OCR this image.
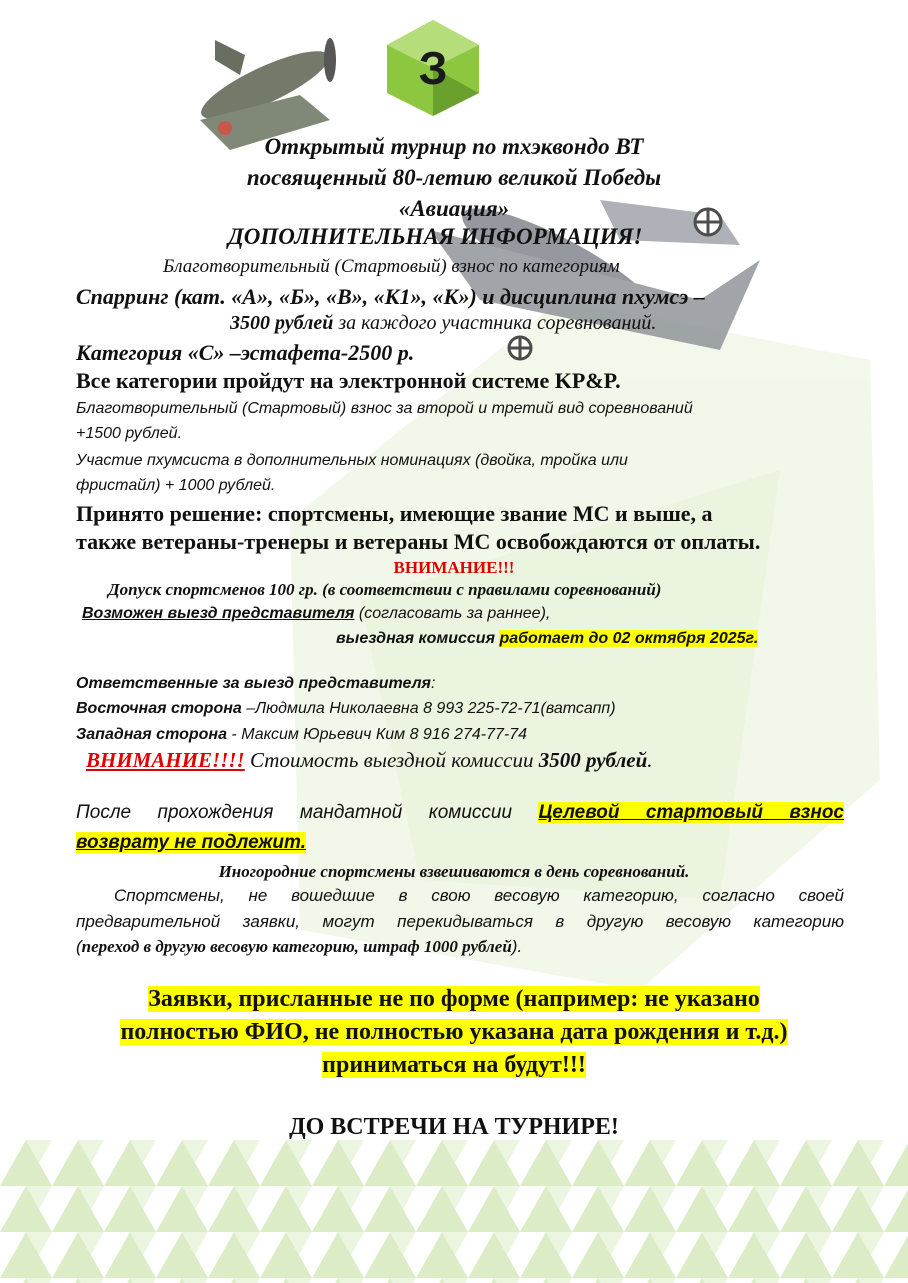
З

Открытый турнир по тхэквондо ВТ

посвященный 80-летию великой Победы

«Авиация»

ДОПОЛНИТЕЛЬНАЯ ИНФОРМАЦИЯ!

Благотворительный (Стартовый) взнос по категориям

Спарринг (кат. «А», «Б», «В», «К1», «К») и дисциплина пхумсэ –

3500 рублей за каждого участника соревнований.

Категория «С» –эстафета-2500 р.

Все категории пройдут на электронной системе KP&P.

Благотворительный (Стартовый) взнос за второй и третий вид соревнований

+1500 рублей.

Участие пхумсиста в дополнительных номинациях (двойка, тройка или

фристайл) + 1000 рублей.

Принято решение: спортсмены, имеющие звание МС и выше, а

также ветераны-тренеры и ветераны МС освобождаются от оплаты.

ВНИМАНИЕ!!!

Допуск спортсменов 100 гр. (в соответствии с правилами соревнований)

Возможен выезд представителя (согласовать за раннее),

выездная комиссия работает до 02 октября 2025г.

Ответственные за выезд представителя:

Восточная сторона –Людмила Николаевна 8 993 225-72-71(ватсапп)

Западная сторона - Максим Юрьевич Ким 8 916 274-77-74

ВНИМАНИЕ!!!! Стоимость выездной комиссии 3500 рублей.

После прохождения мандатной комиссии Целевой стартовый взнос

возврату не подлежит.

Иногородние спортсмены взвешиваются в день соревнований.

Спортсмены, не вошедшие в свою весовую категорию, согласно своей
предварительной заявки, могут перекидываться в другую весовую категорию

(переход в другую весовую категорию, штраф 1000 рублей).

Заявки, присланные не по форме (например: не указано

полностью ФИО, не полностью указана дата рождения и т.д.)

приниматься на будут!!!

ДО ВСТРЕЧИ НА ТУРНИРЕ!
